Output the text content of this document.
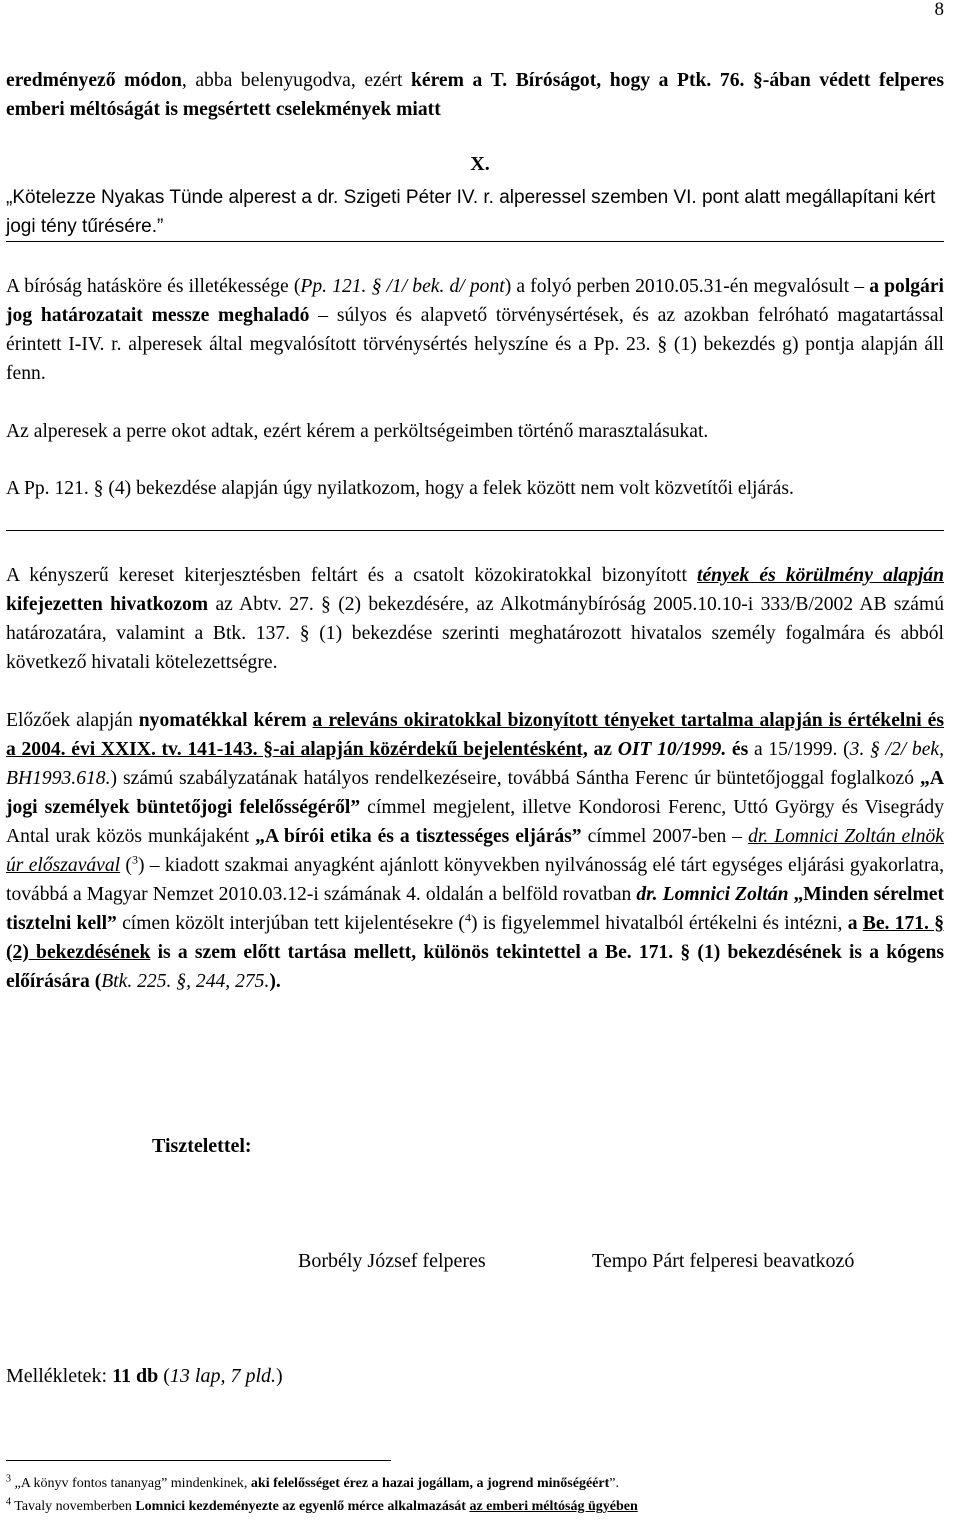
8
eredményező módon, abba belenyugodva, ezért kérem a T. Bíróságot, hogy a Ptk. 76. §-ában védett felperes emberi méltóságát is megsértett cselekmények miatt
X.
„Kötelezze Nyakas Tünde alperest a dr. Szigeti Péter IV. r. alperessel szemben VI. pont alatt megállapítani kért jogi tény tűrésére.”
A bíróság hatásköre és illetékessége (Pp. 121. § /1/ bek. d/ pont) a folyó perben 2010.05.31-én megvalósult – a polgári jog határozatait messze meghaladó – súlyos és alapvető törvénysértések, és az azokban felróható magatartással érintett I-IV. r. alperesek által megvalósított törvénysértés helyszíne és a Pp. 23. § (1) bekezdés g) pontja alapján áll fenn.
Az alperesek a perre okot adtak, ezért kérem a perköltségeimben történő marasztalásukat.
A Pp. 121. § (4) bekezdése alapján úgy nyilatkozom, hogy a felek között nem volt közvetítői eljárás.
A kényszerű kereset kiterjesztésben feltárt és a csatolt közokiratokkal bizonyított tények és körülmény alapján kifejezetten hivatkozom az Abtv. 27. § (2) bekezdésére, az Alkotmánybíróság 2005.10.10-i 333/B/2002 AB számú határozatára, valamint a Btk. 137. § (1) bekezdése szerinti meghatározott hivatalos személy fogalmára és abból következő hivatali kötelezettségre.
Előzőek alapján nyomatékkal kérem a releváns okiratokkal bizonyított tényeket tartalma alapján is értékelni és a 2004. évi XXIX. tv. 141-143. §-ai alapján közérdekű bejelentésként, az OIT 10/1999. és a 15/1999. (3. § /2/ bek, BH1993.618.) számú szabályzatának hatályos rendelkezéseire, továbbá Sántha Ferenc úr büntetőjoggal foglalkozó „A jogi személyek büntetőjogi felelősségéről” címmel megjelent, illetve Kondorosi Ferenc, Uttó György és Visegrády Antal urak közös munkájaként „A bírói etika és a tisztességes eljárás” címmel 2007-ben – dr. Lomnici Zoltán elnök úr előszavával ($^3$) – kiadott szakmai anyagként ajánlott könyvekben nyilvánosság elé tárt egységes eljárási gyakorlatra, továbbá a Magyar Nemzet 2010.03.12-i számának 4. oldalán a belföld rovatban dr. Lomnici Zoltán „Minden sérelmet tisztelni kell” címen közölt interjúban tett kijelentésekre ($^4$) is figyelemmel hivatalból értékelni és intézni, a Be. 171. § (2) bekezdésének is a szem előtt tartása mellett, különös tekintettel a Be. 171. § (1) bekezdésének is a kógens előírására (Btk. 225. §, 244, 275.).
Tisztelettel:
Borbély József felperes	Tempo Párt felperesi beavatkozó
Mellékletek: 11 db (13 lap, 7 pld.)
$^3$ „A könyv fontos tananyag” mindenkinek, aki felelősséget érez a hazai jogállam, a jogrend minőségéért”.
$^4$ Tavaly novemberben Lomnici kezdeményezte az egyenlő mérce alkalmazását az emberi méltóság ügyében
